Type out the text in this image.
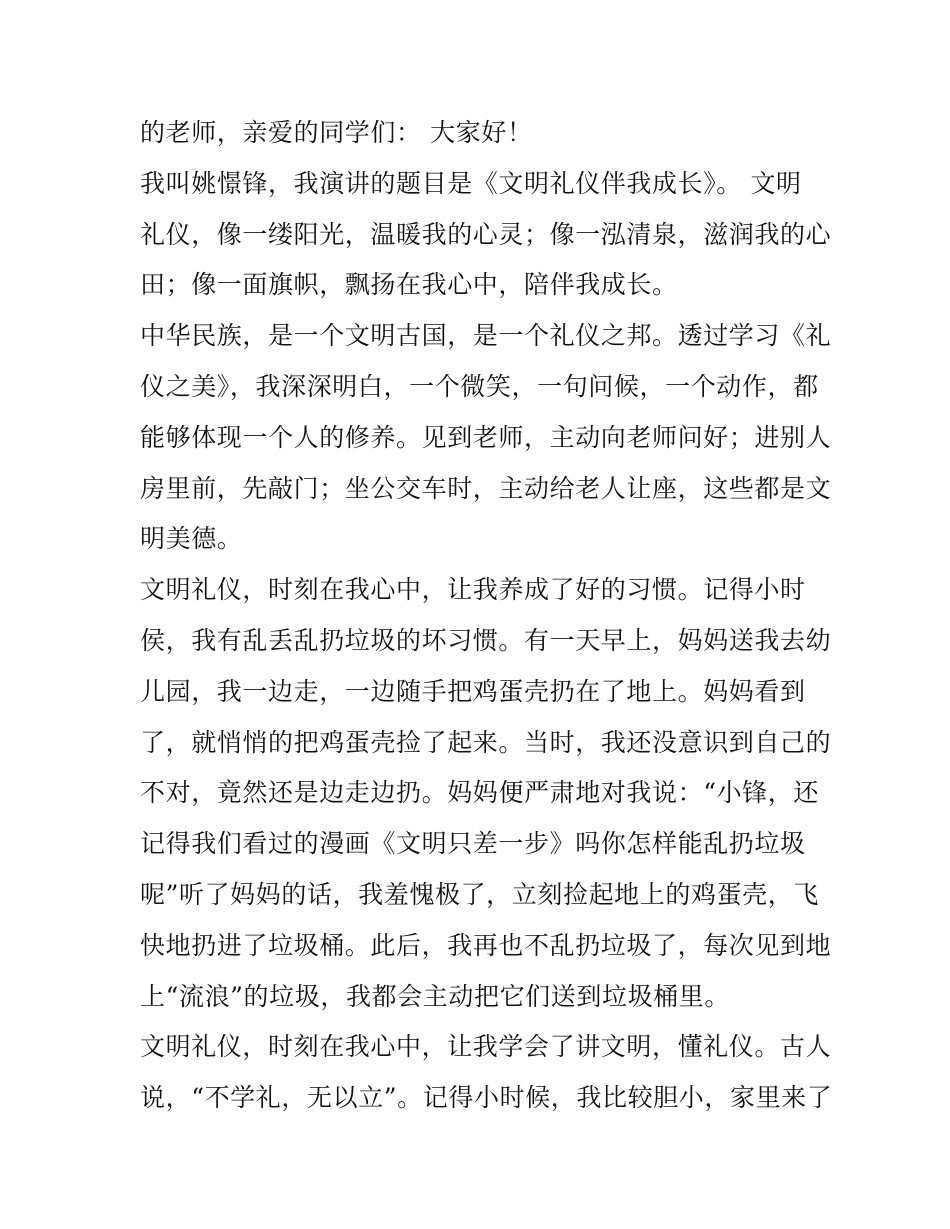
的老师，亲爱的同学们： 大家好！
我叫姚憬锋，我演讲的题目是《文明礼仪伴我成长》。 文明
礼仪，像一缕阳光，温暖我的心灵；像一泓清泉，滋润我的心
田；像一面旗帜，飘扬在我心中，陪伴我成长。
中华民族，是一个文明古国，是一个礼仪之邦。透过学习《礼
仪之美》，我深深明白，一个微笑，一句问候，一个动作，都
能够体现一个人的修养。见到老师，主动向老师问好；进别人
房里前，先敲门；坐公交车时，主动给老人让座，这些都是文
明美德。
文明礼仪，时刻在我心中，让我养成了好的习惯。记得小时
侯，我有乱丢乱扔垃圾的坏习惯。有一天早上，妈妈送我去幼
儿园，我一边走，一边随手把鸡蛋壳扔在了地上。妈妈看到
了，就悄悄的把鸡蛋壳捡了起来。当时，我还没意识到自己的
不对，竟然还是边走边扔。妈妈便严肃地对我说：“小锋，还
记得我们看过的漫画《文明只差一步》吗你怎样能乱扔垃圾
呢”听了妈妈的话，我羞愧极了，立刻捡起地上的鸡蛋壳，飞
快地扔进了垃圾桶。此后，我再也不乱扔垃圾了，每次见到地
上“流浪”的垃圾，我都会主动把它们送到垃圾桶里。
文明礼仪，时刻在我心中，让我学会了讲文明，懂礼仪。古人
说，“不学礼，无以立”。记得小时候，我比较胆小，家里来了
